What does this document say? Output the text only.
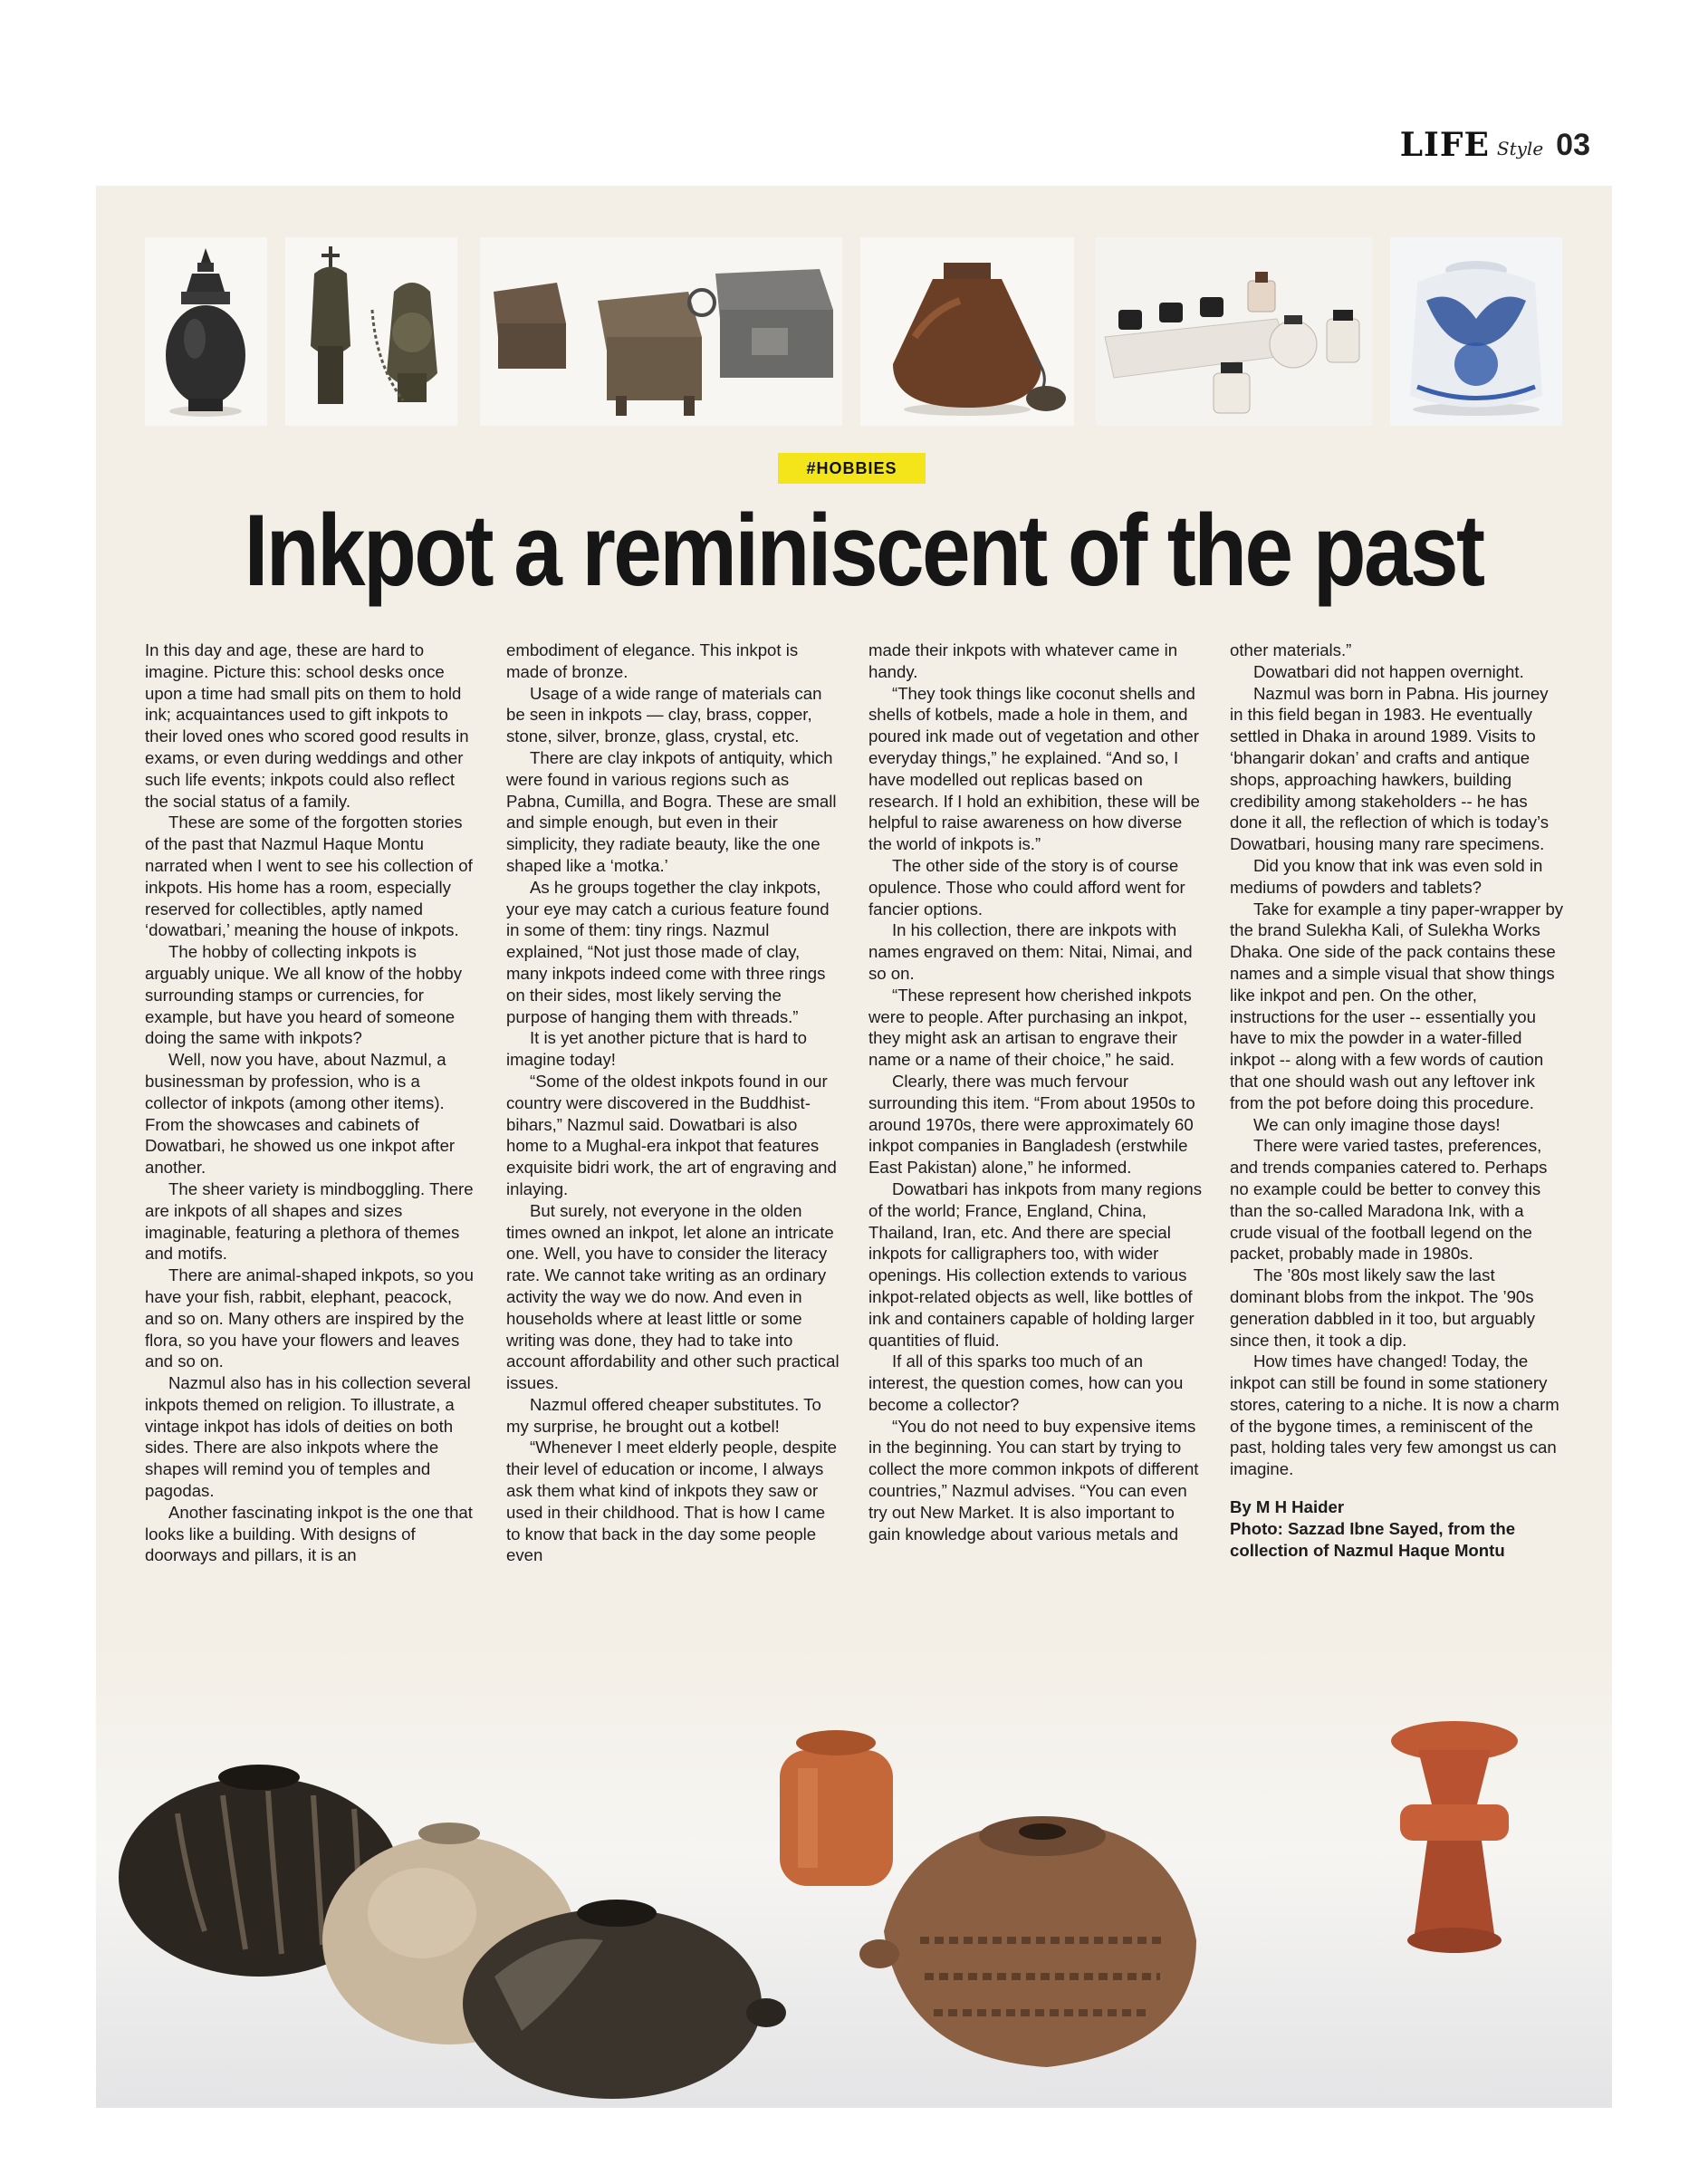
LIFE Style 03
#HOBBIES
Inkpot a reminiscent of the past

In this day and age, these are hard to imagine. Picture this: school desks once upon a time had small pits on them to hold ink; acquaintances used to gift inkpots to their loved ones who scored good results in exams, or even during weddings and other such life events; inkpots could also reflect the social status of a family.

These are some of the forgotten stories of the past that Nazmul Haque Montu narrated when I went to see his collection of inkpots. His home has a room, especially reserved for collectibles, aptly named ‘dowatbari,’ meaning the house of inkpots.

The hobby of collecting inkpots is arguably unique. We all know of the hobby surrounding stamps or currencies, for example, but have you heard of someone doing the same with inkpots?

Well, now you have, about Nazmul, a businessman by profession, who is a collector of inkpots (among other items). From the showcases and cabinets of Dowatbari, he showed us one inkpot after another.

The sheer variety is mindboggling. There are inkpots of all shapes and sizes imaginable, featuring a plethora of themes and motifs.

There are animal-shaped inkpots, so you have your fish, rabbit, elephant, peacock, and so on. Many others are inspired by the flora, so you have your flowers and leaves and so on.

Nazmul also has in his collection several inkpots themed on religion. To illustrate, a vintage inkpot has idols of deities on both sides. There are also inkpots where the shapes will remind you of temples and pagodas.

Another fascinating inkpot is the one that looks like a building. With designs of doorways and pillars, it is an

embodiment of elegance. This inkpot is made of bronze.

Usage of a wide range of materials can be seen in inkpots — clay, brass, copper, stone, silver, bronze, glass, crystal, etc.

There are clay inkpots of antiquity, which were found in various regions such as Pabna, Cumilla, and Bogra. These are small and simple enough, but even in their simplicity, they radiate beauty, like the one shaped like a ‘motka.’

As he groups together the clay inkpots, your eye may catch a curious feature found in some of them: tiny rings. Nazmul explained, “Not just those made of clay, many inkpots indeed come with three rings on their sides, most likely serving the purpose of hanging them with threads.”

It is yet another picture that is hard to imagine today!

“Some of the oldest inkpots found in our country were discovered in the Buddhist-bihars,” Nazmul said. Dowatbari is also home to a Mughal-era inkpot that features exquisite bidri work, the art of engraving and inlaying.

But surely, not everyone in the olden times owned an inkpot, let alone an intricate one. Well, you have to consider the literacy rate. We cannot take writing as an ordinary activity the way we do now. And even in households where at least little or some writing was done, they had to take into account affordability and other such practical issues.

Nazmul offered cheaper substitutes. To my surprise, he brought out a kotbel!

“Whenever I meet elderly people, despite their level of education or income, I always ask them what kind of inkpots they saw or used in their childhood. That is how I came to know that back in the day some people even

made their inkpots with whatever came in handy.

“They took things like coconut shells and shells of kotbels, made a hole in them, and poured ink made out of vegetation and other everyday things,” he explained. “And so, I have modelled out replicas based on research. If I hold an exhibition, these will be helpful to raise awareness on how diverse the world of inkpots is.”

The other side of the story is of course opulence. Those who could afford went for fancier options.

In his collection, there are inkpots with names engraved on them: Nitai, Nimai, and so on.

“These represent how cherished inkpots were to people. After purchasing an inkpot, they might ask an artisan to engrave their name or a name of their choice,” he said.

Clearly, there was much fervour surrounding this item. “From about 1950s to around 1970s, there were approximately 60 inkpot companies in Bangladesh (erstwhile East Pakistan) alone,” he informed.

Dowatbari has inkpots from many regions of the world; France, England, China, Thailand, Iran, etc. And there are special inkpots for calligraphers too, with wider openings. His collection extends to various inkpot-related objects as well, like bottles of ink and containers capable of holding larger quantities of fluid.

If all of this sparks too much of an interest, the question comes, how can you become a collector?

“You do not need to buy expensive items in the beginning. You can start by trying to collect the more common inkpots of different countries,” Nazmul advises. “You can even try out New Market. It is also important to gain knowledge about various metals and

other materials.”

Dowatbari did not happen overnight.

Nazmul was born in Pabna. His journey in this field began in 1983. He eventually settled in Dhaka in around 1989. Visits to ‘bhangarir dokan’ and crafts and antique shops, approaching hawkers, building credibility among stakeholders -- he has done it all, the reflection of which is today’s Dowatbari, housing many rare specimens.

Did you know that ink was even sold in mediums of powders and tablets?

Take for example a tiny paper-wrapper by the brand Sulekha Kali, of Sulekha Works Dhaka. One side of the pack contains these names and a simple visual that show things like inkpot and pen. On the other, instructions for the user -- essentially you have to mix the powder in a water-filled inkpot -- along with a few words of caution that one should wash out any leftover ink from the pot before doing this procedure.

We can only imagine those days!

There were varied tastes, preferences, and trends companies catered to. Perhaps no example could be better to convey this than the so-called Maradona Ink, with a crude visual of the football legend on the packet, probably made in 1980s.

The ’80s most likely saw the last dominant blobs from the inkpot. The ’90s generation dabbled in it too, but arguably since then, it took a dip.

How times have changed! Today, the inkpot can still be found in some stationery stores, catering to a niche. It is now a charm of the bygone times, a reminiscent of the past, holding tales very few amongst us can imagine.

By M H Haider
Photo: Sazzad Ibne Sayed, from the collection of Nazmul Haque Montu
